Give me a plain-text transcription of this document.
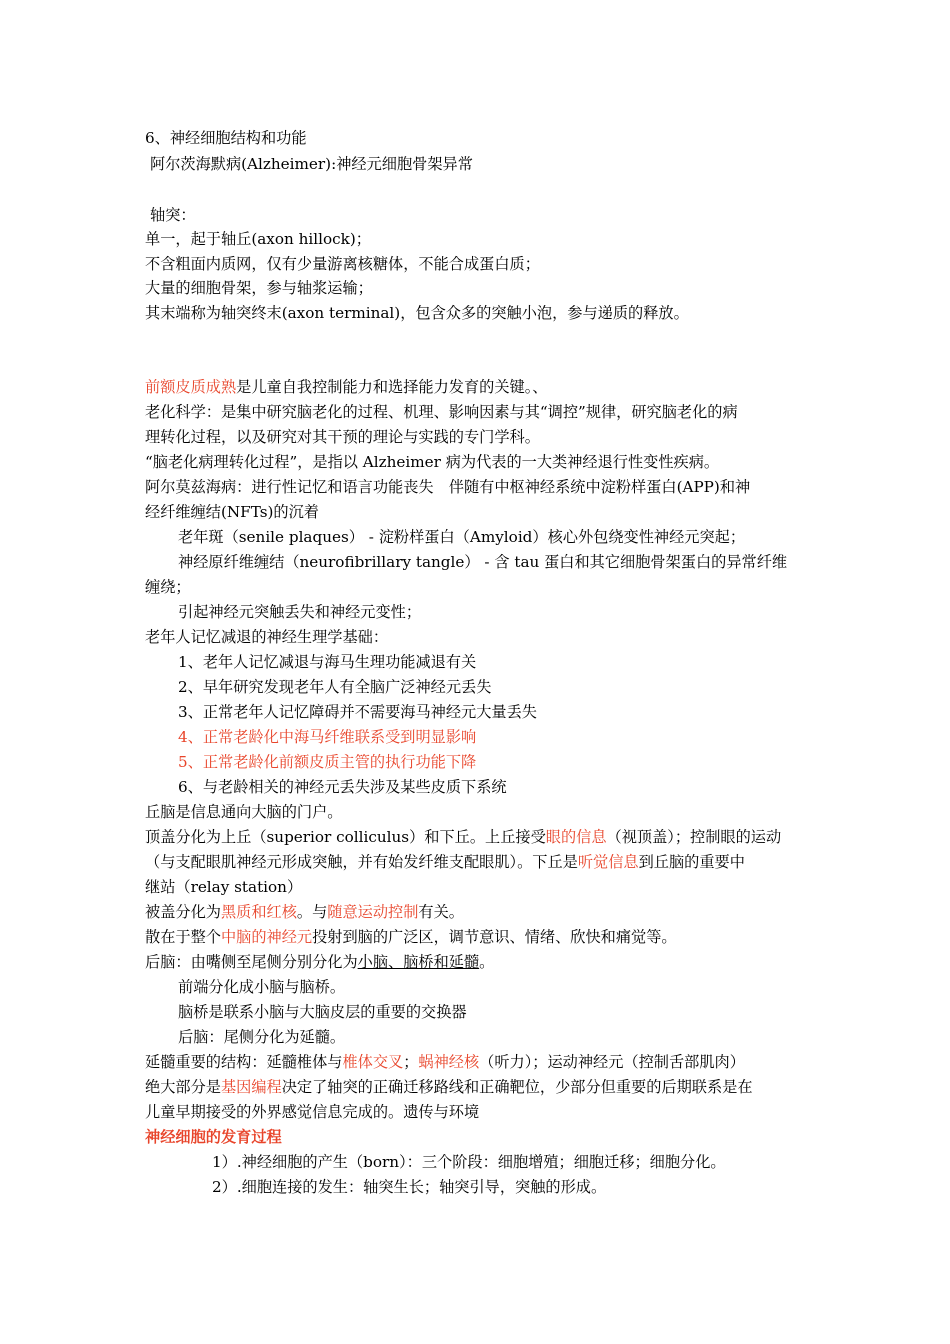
6、神经细胞结构和功能
阿尔茨海默病(Alzheimer):神经元细胞骨架异常
轴突：
单一，起于轴丘(axon hillock)；
不含粗面内质网，仅有少量游离核糖体，不能合成蛋白质；
大量的细胞骨架，参与轴浆运输；
其末端称为轴突终末(axon terminal)，包含众多的突触小泡，参与递质的释放。
前额皮质成熟是儿童自我控制能力和选择能力发育的关键。、
老化科学：是集中研究脑老化的过程、机理、影响因素与其“调控”规律，研究脑老化的病
理转化过程，以及研究对其干预的理论与实践的专门学科。
“脑老化病理转化过程”，是指以 Alzheimer 病为代表的一大类神经退行性变性疾病。
阿尔莫兹海病：进行性记忆和语言功能丧失　伴随有中枢神经系统中淀粉样蛋白(APP)和神
经纤维缠结(NFTs)的沉着
老年斑（senile plaques） - 淀粉样蛋白（Amyloid）核心外包绕变性神经元突起；
神经原纤维缠结（neurofibrillary tangle） - 含 tau 蛋白和其它细胞骨架蛋白的异常纤维
缠绕；
引起神经元突触丢失和神经元变性；
老年人记忆减退的神经生理学基础：
1、老年人记忆减退与海马生理功能减退有关
2、早年研究发现老年人有全脑广泛神经元丢失
3、正常老年人记忆障碍并不需要海马神经元大量丢失
4、正常老龄化中海马纤维联系受到明显影响
5、正常老龄化前额皮质主管的执行功能下降
6、与老龄相关的神经元丢失涉及某些皮质下系统
丘脑是信息通向大脑的门户。
顶盖分化为上丘（superior colliculus）和下丘。上丘接受眼的信息（视顶盖）；控制眼的运动
（与支配眼肌神经元形成突触，并有始发纤维支配眼肌）。下丘是听觉信息到丘脑的重要中
继站（relay station）
被盖分化为黑质和红核。与随意运动控制有关。
散在于整个中脑的神经元投射到脑的广泛区，调节意识、情绪、欣快和痛觉等。
后脑：由嘴侧至尾侧分别分化为小脑、脑桥和延髓。
前端分化成小脑与脑桥。
脑桥是联系小脑与大脑皮层的重要的交换器
后脑：尾侧分化为延髓。
延髓重要的结构：延髓椎体与椎体交叉；蜗神经核（听力）；运动神经元（控制舌部肌肉）
绝大部分是基因编程决定了轴突的正确迁移路线和正确靶位，少部分但重要的后期联系是在
儿童早期接受的外界感觉信息完成的。遗传与环境
神经细胞的发育过程
1）.神经细胞的产生（born）：三个阶段：细胞增殖；细胞迁移；细胞分化。
2）.细胞连接的发生：轴突生长；轴突引导，突触的形成。
